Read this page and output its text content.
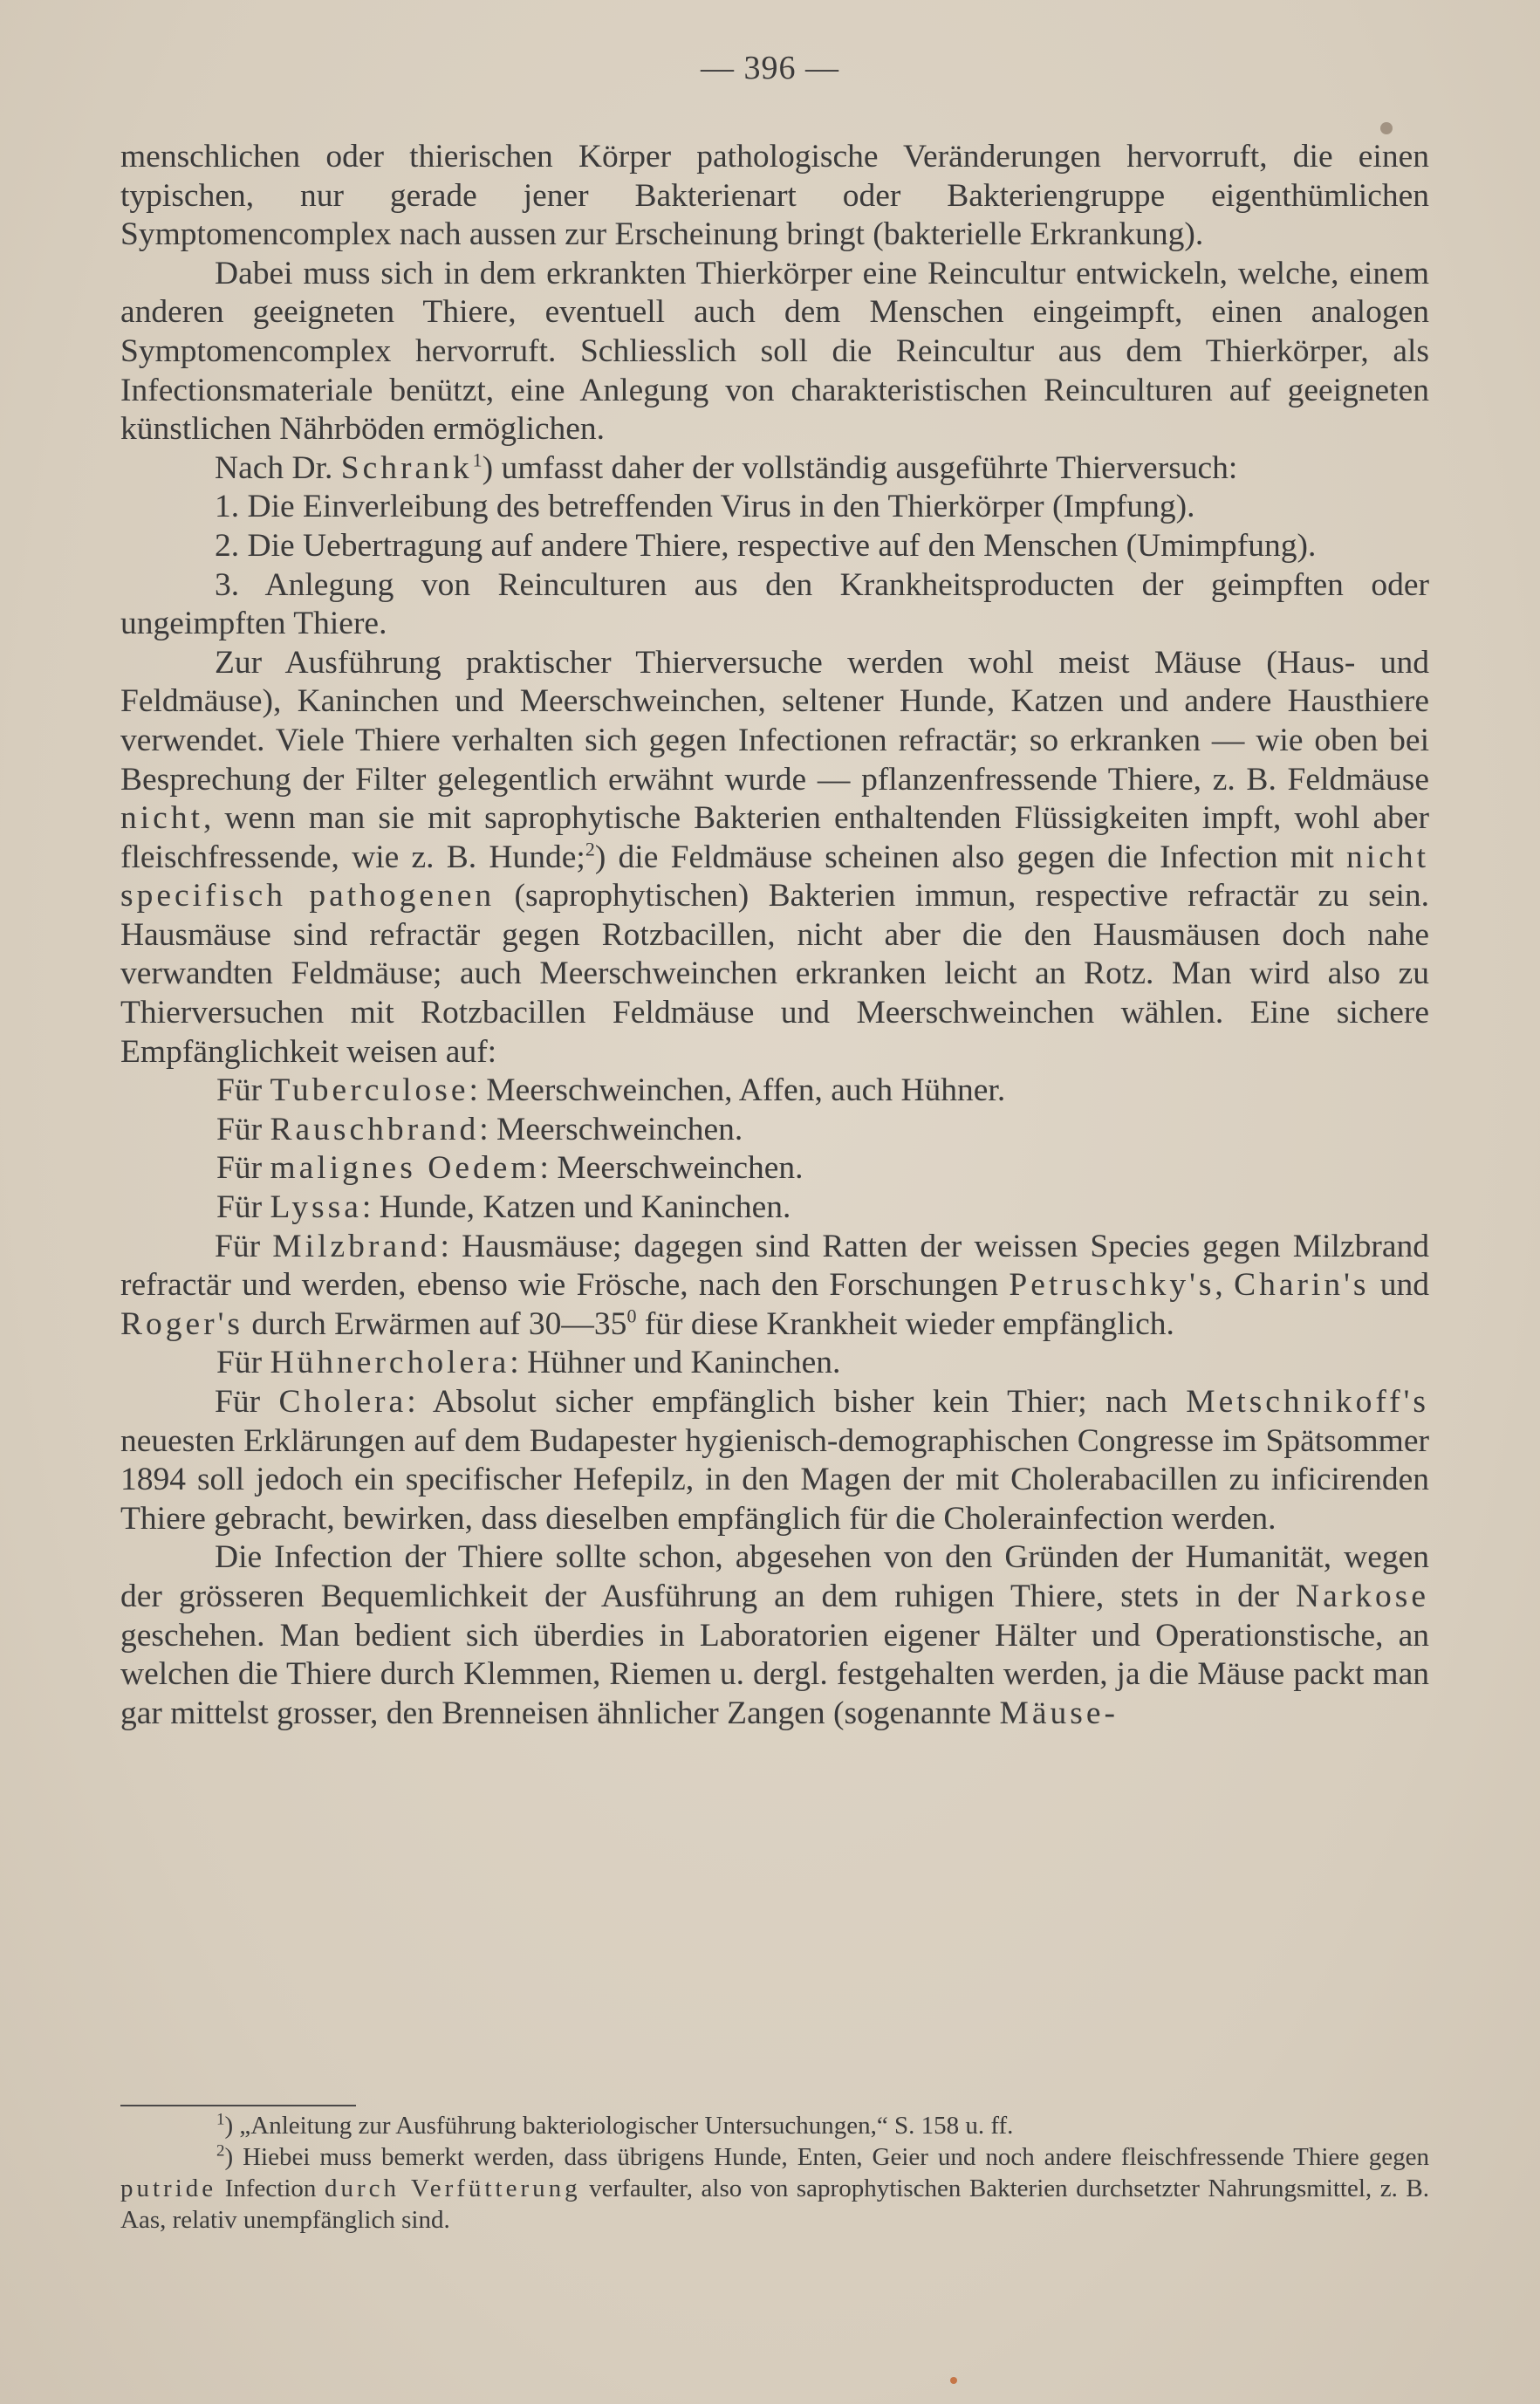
— 396 —

menschlichen oder thierischen Körper pathologische Veränderungen hervorruft, die einen typischen, nur gerade jener Bakterienart oder Bakteriengruppe eigenthümlichen Symptomencomplex nach aussen zur Erscheinung bringt (bakterielle Erkrankung).

Dabei muss sich in dem erkrankten Thierkörper eine Reincultur entwickeln, welche, einem anderen geeigneten Thiere, eventuell auch dem Menschen eingeimpft, einen analogen Symptomencomplex hervorruft. Schliesslich soll die Reincultur aus dem Thierkörper, als Infectionsmateriale benützt, eine Anlegung von charakteristischen Reinculturen auf geeigneten künstlichen Nährböden ermöglichen.

Nach Dr. Schrank$^1$) umfasst daher der vollständig ausgeführte Thierversuch:

1. Die Einverleibung des betreffenden Virus in den Thierkörper (Impfung).

2. Die Uebertragung auf andere Thiere, respective auf den Menschen (Umimpfung).

3. Anlegung von Reinculturen aus den Krankheitsproducten der geimpften oder ungeimpften Thiere.

Zur Ausführung praktischer Thierversuche werden wohl meist Mäuse (Haus- und Feldmäuse), Kaninchen und Meerschweinchen, seltener Hunde, Katzen und andere Hausthiere verwendet. Viele Thiere verhalten sich gegen Infectionen refractär; so erkranken — wie oben bei Besprechung der Filter gelegentlich erwähnt wurde — pflanzenfressende Thiere, z. B. Feldmäuse nicht, wenn man sie mit saprophytische Bakterien enthaltenden Flüssigkeiten impft, wohl aber fleischfressende, wie z. B. Hunde;$^2$) die Feldmäuse scheinen also gegen die Infection mit nicht specifisch pathogenen (saprophytischen) Bakterien immun, respective refractär zu sein. Hausmäuse sind refractär gegen Rotzbacillen, nicht aber die den Hausmäusen doch nahe verwandten Feldmäuse; auch Meerschweinchen erkranken leicht an Rotz. Man wird also zu Thierversuchen mit Rotzbacillen Feldmäuse und Meerschweinchen wählen. Eine sichere Empfänglichkeit weisen auf:

Für Tuberculose: Meerschweinchen, Affen, auch Hühner.

Für Rauschbrand: Meerschweinchen.

Für malignes Oedem: Meerschweinchen.

Für Lyssa: Hunde, Katzen und Kaninchen.

Für Milzbrand: Hausmäuse; dagegen sind Ratten der weissen Species gegen Milzbrand refractär und werden, ebenso wie Frösche, nach den Forschungen Petruschky's, Charin's und Roger's durch Erwärmen auf $30—35^0$ für diese Krankheit wieder empfänglich.

Für Hühnercholera: Hühner und Kaninchen.

Für Cholera: Absolut sicher empfänglich bisher kein Thier; nach Metschnikoff's neuesten Erklärungen auf dem Budapester hygienisch-demographischen Congresse im Spätsommer 1894 soll jedoch ein specifischer Hefepilz, in den Magen der mit Cholerabacillen zu inficirenden Thiere gebracht, bewirken, dass dieselben empfänglich für die Cholerainfection werden.

Die Infection der Thiere sollte schon, abgesehen von den Gründen der Humanität, wegen der grösseren Bequemlichkeit der Ausführung an dem ruhigen Thiere, stets in der Narkose geschehen. Man bedient sich überdies in Laboratorien eigener Hälter und Operationstische, an welchen die Thiere durch Klemmen, Riemen u. dergl. festgehalten werden, ja die Mäuse packt man gar mittelst grosser, den Brenneisen ähnlicher Zangen (sogenannte Mäuse-

$^1$) „Anleitung zur Ausführung bakteriologischer Untersuchungen,“ S. 158 u. ff.

$^2$) Hiebei muss bemerkt werden, dass übrigens Hunde, Enten, Geier und noch andere fleischfressende Thiere gegen putride Infection durch Verfütterung verfaulter, also von saprophytischen Bakterien durchsetzter Nahrungsmittel, z. B. Aas, relativ unempfänglich sind.
